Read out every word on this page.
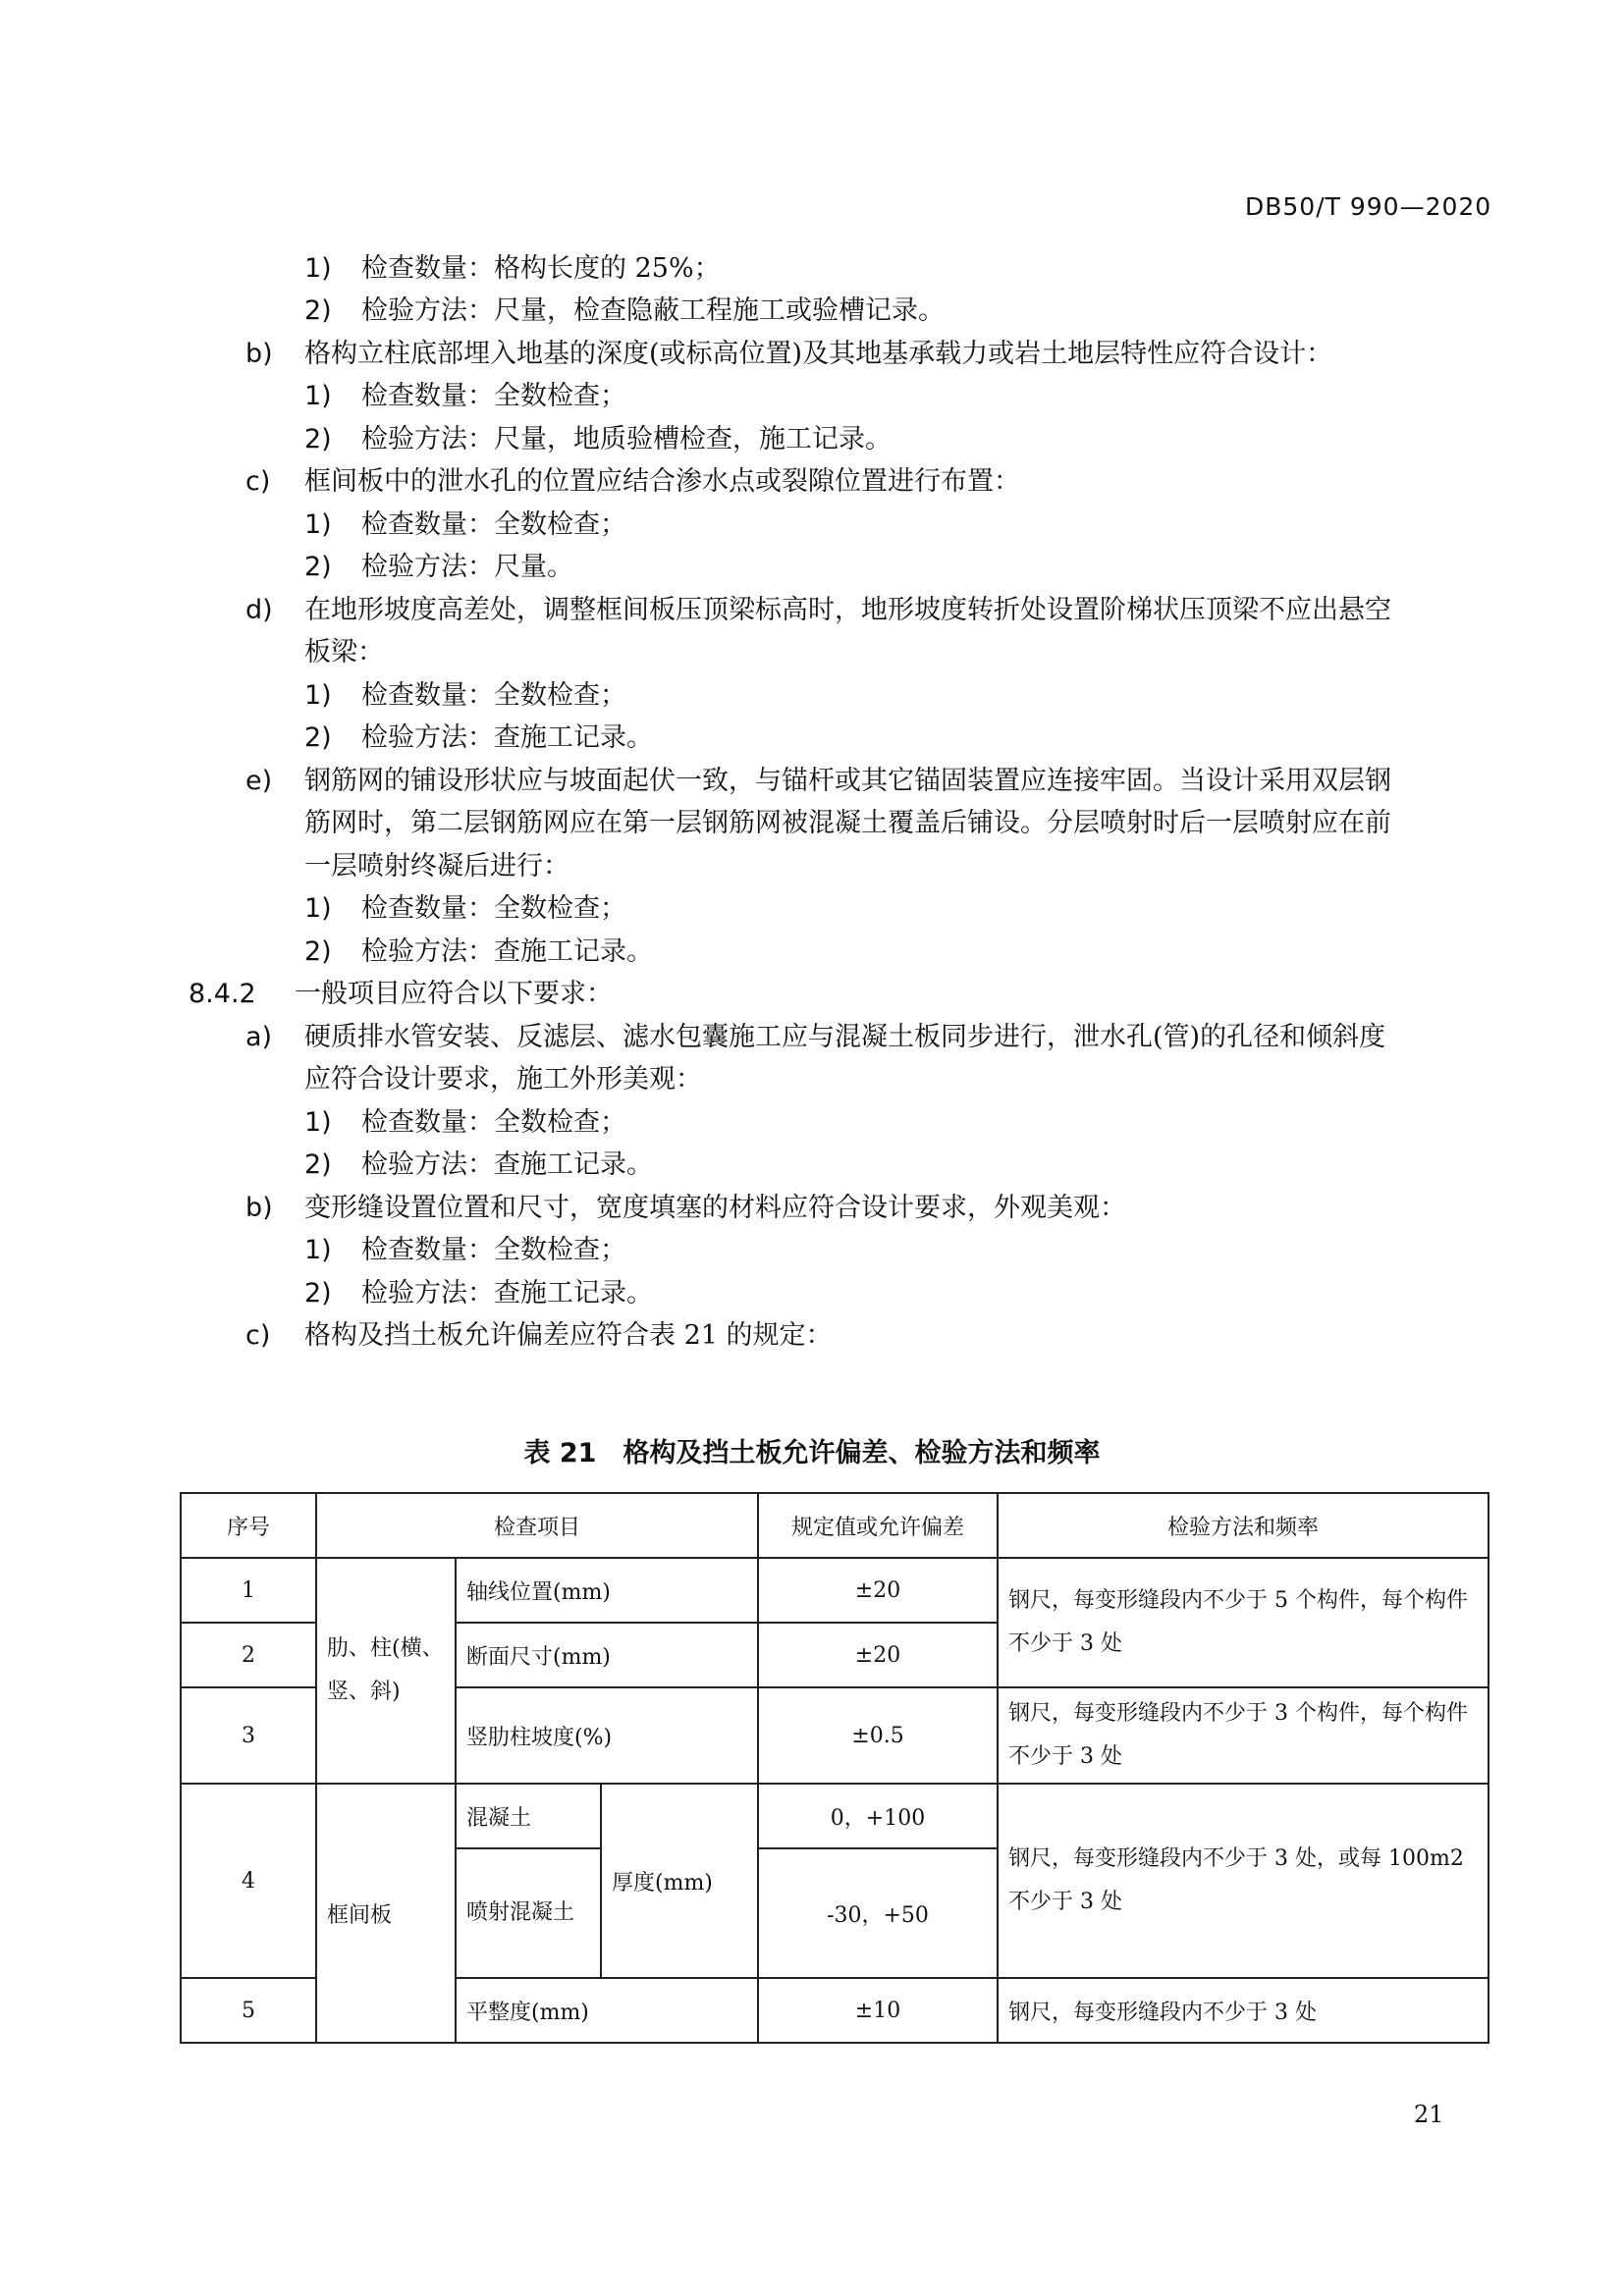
DB50/T 990—2020
1) 检查数量：格构长度的 25%；
2) 检验方法：尺量，检查隐蔽工程施工或验槽记录。
b) 格构立柱底部埋入地基的深度(或标高位置)及其地基承载力或岩土地层特性应符合设计：
1) 检查数量：全数检查；
2) 检验方法：尺量，地质验槽检查，施工记录。
c) 框间板中的泄水孔的位置应结合渗水点或裂隙位置进行布置：
1) 检查数量：全数检查；
2) 检验方法：尺量。
d) 在地形坡度高差处，调整框间板压顶梁标高时，地形坡度转折处设置阶梯状压顶梁不应出悬空
板梁：
1) 检查数量：全数检查；
2) 检验方法：查施工记录。
e) 钢筋网的铺设形状应与坡面起伏一致，与锚杆或其它锚固装置应连接牢固。当设计采用双层钢
筋网时，第二层钢筋网应在第一层钢筋网被混凝土覆盖后铺设。分层喷射时后一层喷射应在前
一层喷射终凝后进行：
1) 检查数量：全数检查；
2) 检验方法：查施工记录。
8.4.2 一般项目应符合以下要求：
a) 硬质排水管安装、反滤层、滤水包囊施工应与混凝土板同步进行，泄水孔(管)的孔径和倾斜度
应符合设计要求，施工外形美观：
1) 检查数量：全数检查；
2) 检验方法：查施工记录。
b) 变形缝设置位置和尺寸，宽度填塞的材料应符合设计要求，外观美观：
1) 检查数量：全数检查；
2) 检验方法：查施工记录。
c) 格构及挡土板允许偏差应符合表 21 的规定：
表 21　格构及挡土板允许偏差、检验方法和频率
序号	检查项目			规定值或允许偏差	检验方法和频率
1	肋、柱(横、竖、斜)	轴线位置(mm)		±20	钢尺，每变形缝段内不少于 5 个构件，每个构件不少于 3 处
2		断面尺寸(mm)		±20	
3		竖肋柱坡度(%)		±0.5	钢尺，每变形缝段内不少于 3 个构件，每个构件不少于 3 处
4	框间板	混凝土	厚度(mm)	0，+100	钢尺，每变形缝段内不少于 3 处，或每 100m2 不少于 3 处
		喷射混凝土		-30，+50	
5		平整度(mm)		±10	钢尺，每变形缝段内不少于 3 处
21
